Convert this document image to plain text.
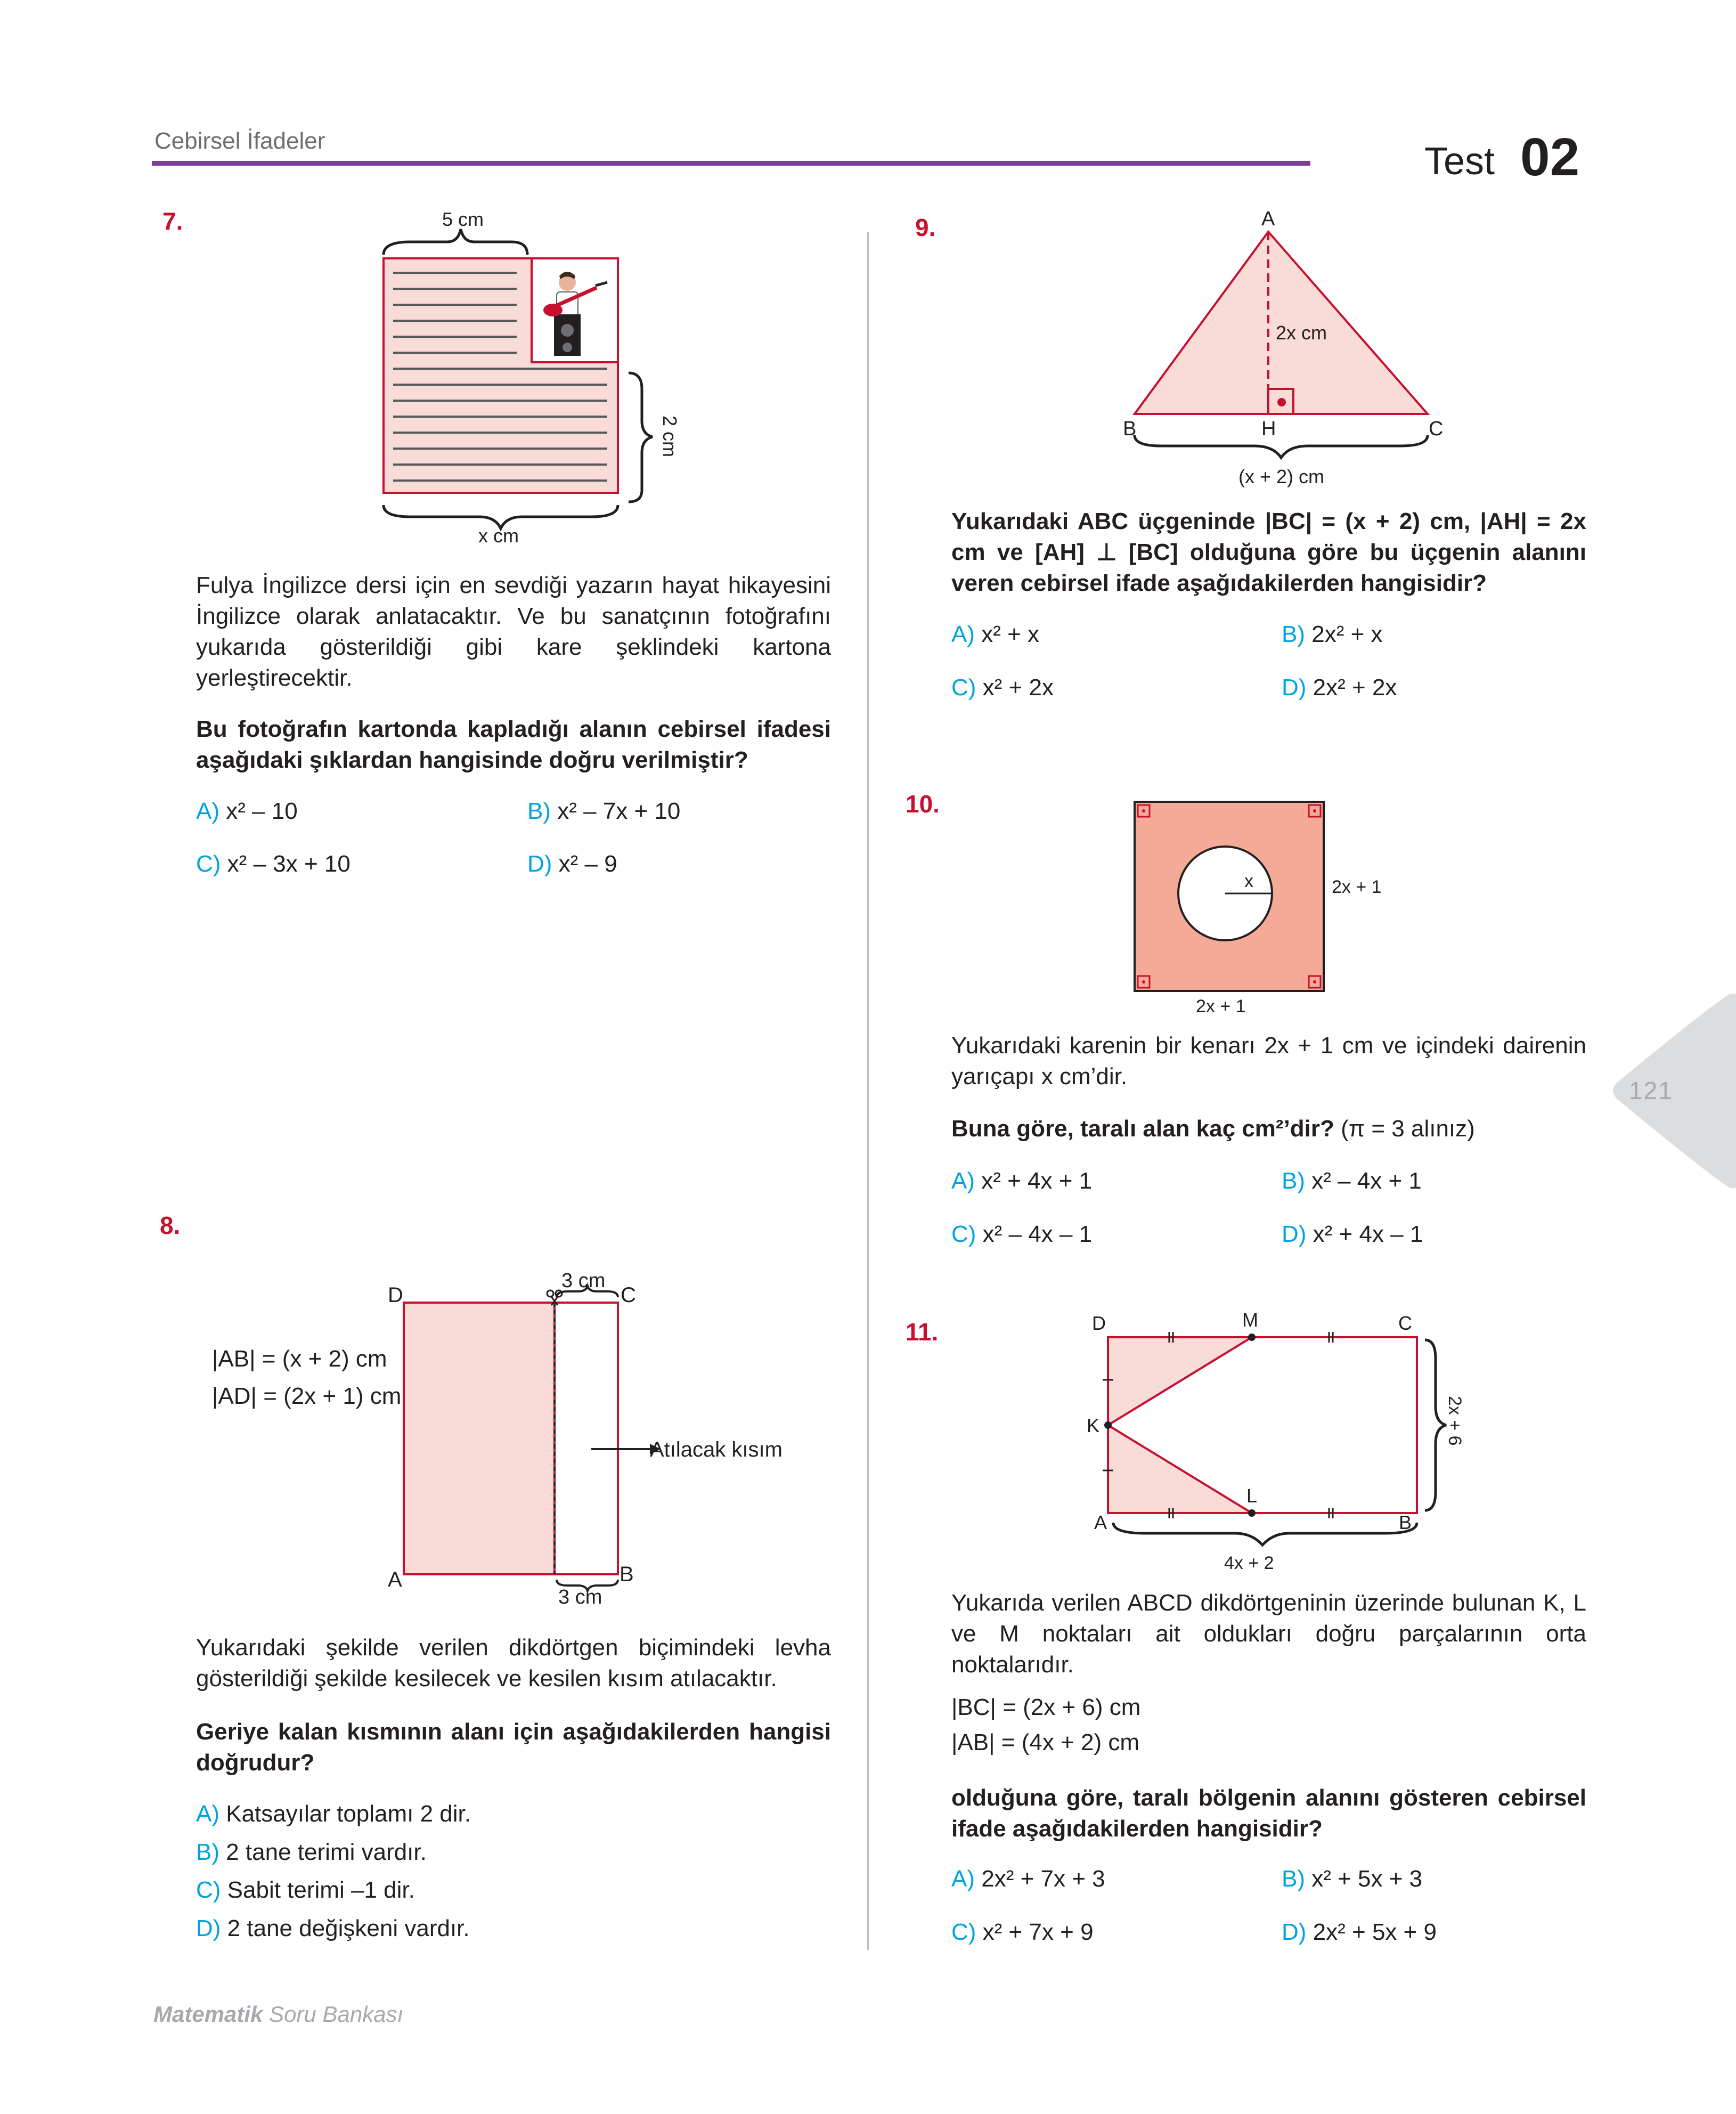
Cebirsel İfadeler	Test 02
7.	5 cm
2 cm
x cm
Fulya İngilizce dersi için en sevdiği yazarın hayat hikayesini İngilizce olarak anlatacaktır. Ve bu sanatçının fotoğrafını yukarıda gösterildiği gibi kare şeklindeki kartona yerleştirecektir.
Bu fotoğrafın kartonda kapladığı alanın cebirsel ifadesi aşağıdaki şıklardan hangisinde doğru verilmiştir?
A) x² – 10	B) x² – 7x + 10
C) x² – 3x + 10	D) x² – 9
8.
|AB| = (x + 2) cm
|AD| = (2x + 1) cm
D	C
3 cm
Atılacak kısım
A	B
3 cm
Yukarıdaki şekilde verilen dikdörtgen biçimindeki levha gösterildiği şekilde kesilecek ve kesilen kısım atılacaktır.
Geriye kalan kısmının alanı için aşağıdakilerden hangisi doğrudur?
A) Katsayılar toplamı 2 dir.
B) 2 tane terimi vardır.
C) Sabit terimi –1 dir.
D) 2 tane değişkeni vardır.
9.	A
2x cm
B	H	C
(x + 2) cm
Yukarıdaki ABC üçgeninde |BC| = (x + 2) cm, |AH| = 2x cm ve [AH] ⊥ [BC] olduğuna göre bu üçgenin alanını veren cebirsel ifade aşağıdakilerden hangisidir?
A) x² + x	B) 2x² + x
C) x² + 2x	D) 2x² + 2x
10.
x	2x + 1
2x + 1
Yukarıdaki karenin bir kenarı 2x + 1 cm ve içindeki dairenin yarıçapı x cm’dir.
Buna göre, taralı alan kaç cm²’dir? (π = 3 alınız)
A) x² + 4x + 1	B) x² – 4x + 1
C) x² – 4x – 1	D) x² + 4x – 1
11.	D	M	C
K
L
A	B
2x + 6
4x + 2
Yukarıda verilen ABCD dikdörtgeninin üzerinde bulunan K, L ve M noktaları ait oldukları doğru parçalarının orta noktalarıdır.
|BC| = (2x + 6) cm
|AB| = (4x + 2) cm
olduğuna göre, taralı bölgenin alanını gösteren cebirsel ifade aşağıdakilerden hangisidir?
A) 2x² + 7x + 3	B) x² + 5x + 3
C) x² + 7x + 9	D) 2x² + 5x + 9
121
Matematik Soru Bankası
